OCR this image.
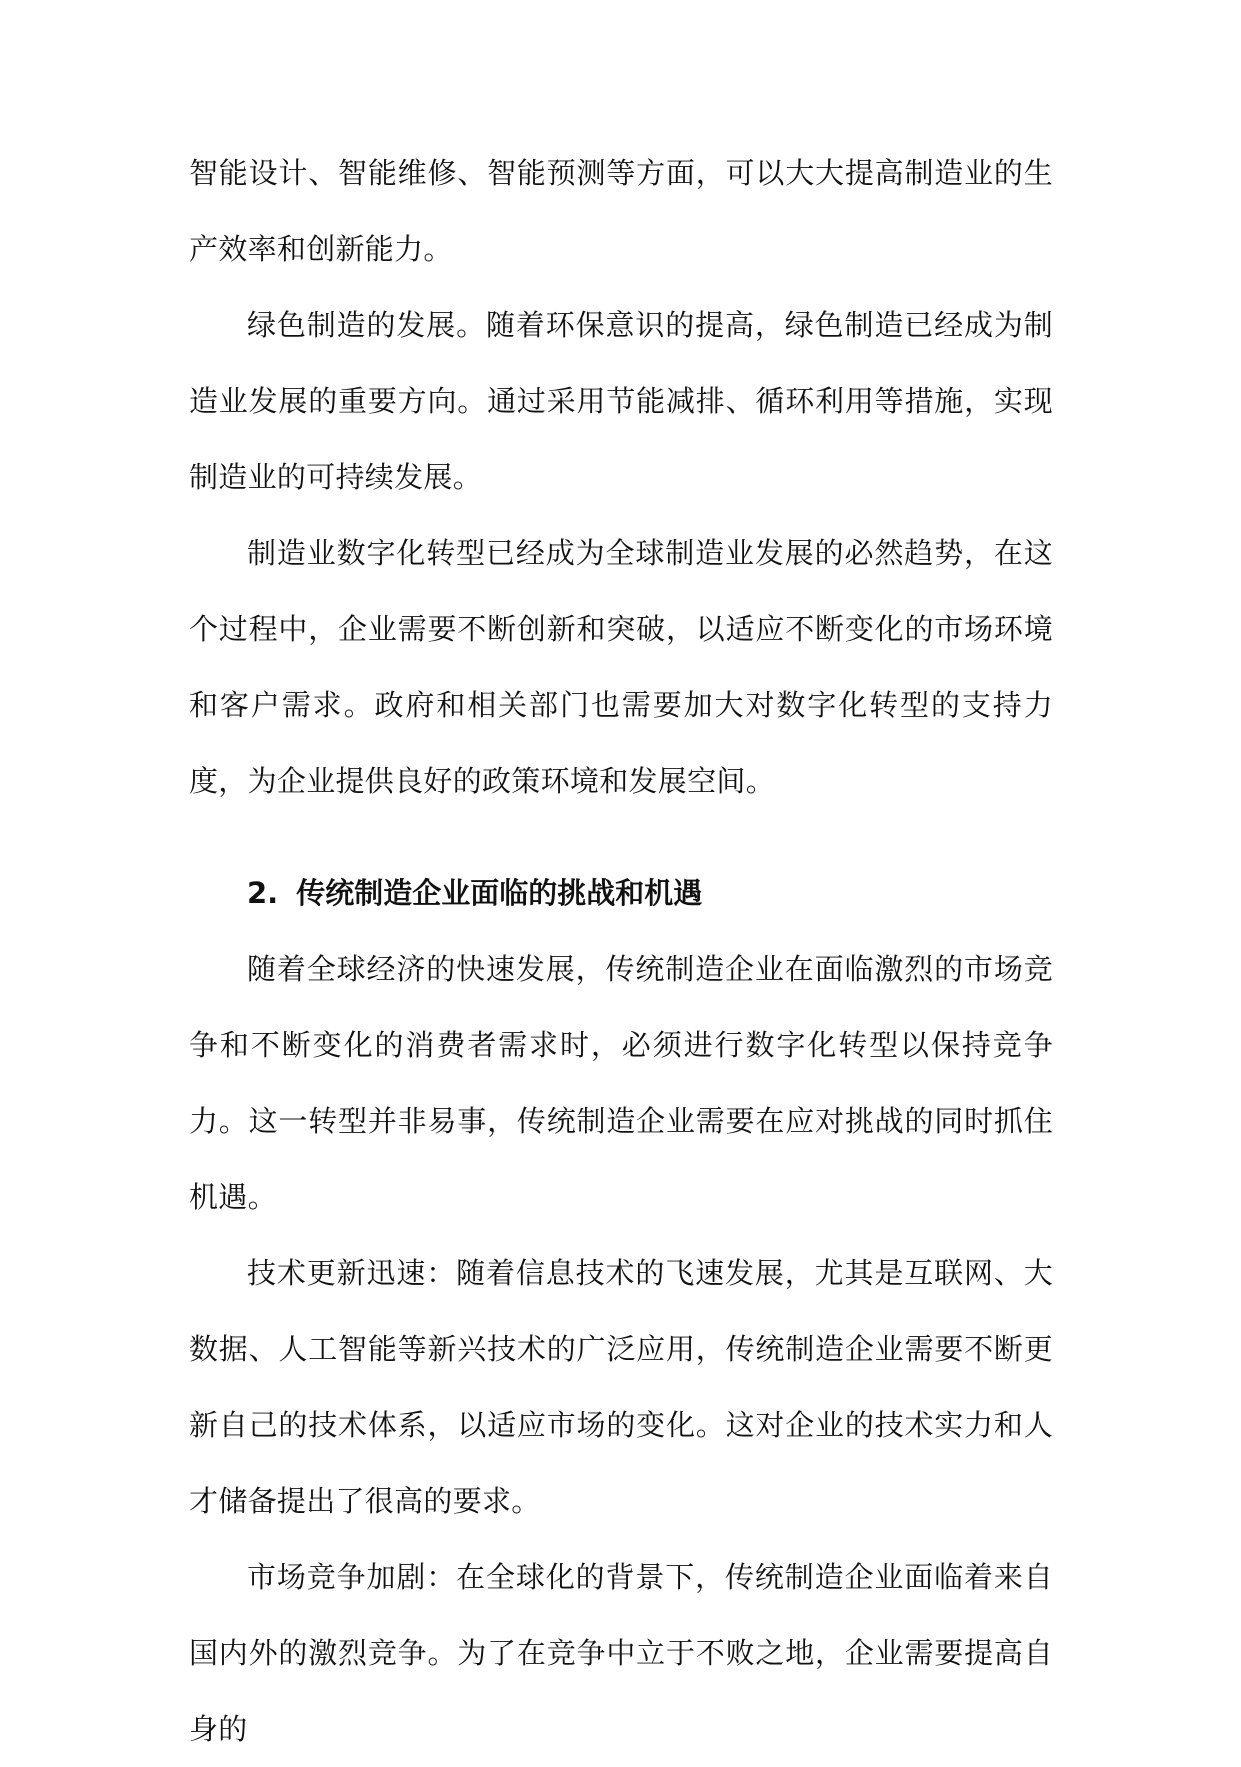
智能设计、智能维修、智能预测等方面，可以大大提高制造业的生产效率和创新能力。

绿色制造的发展。随着环保意识的提高，绿色制造已经成为制造业发展的重要方向。通过采用节能减排、循环利用等措施，实现制造业的可持续发展。

制造业数字化转型已经成为全球制造业发展的必然趋势，在这个过程中，企业需要不断创新和突破，以适应不断变化的市场环境和客户需求。政府和相关部门也需要加大对数字化转型的支持力度，为企业提供良好的政策环境和发展空间。

2. 传统制造企业面临的挑战和机遇

随着全球经济的快速发展，传统制造企业在面临激烈的市场竞争和不断变化的消费者需求时，必须进行数字化转型以保持竞争力。这一转型并非易事，传统制造企业需要在应对挑战的同时抓住机遇。

技术更新迅速：随着信息技术的飞速发展，尤其是互联网、大数据、人工智能等新兴技术的广泛应用，传统制造企业需要不断更新自己的技术体系，以适应市场的变化。这对企业的技术实力和人才储备提出了很高的要求。

市场竞争加剧：在全球化的背景下，传统制造企业面临着来自国内外的激烈竞争。为了在竞争中立于不败之地，企业需要提高自身的
